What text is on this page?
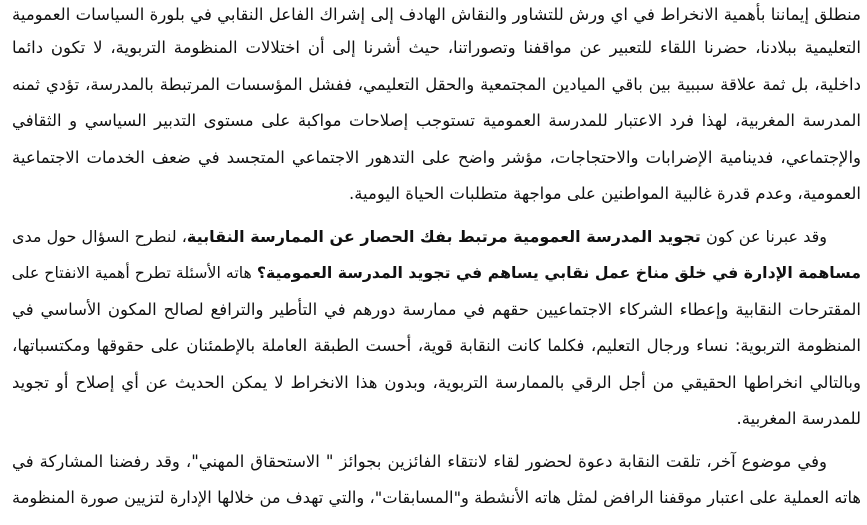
منطلق إيماننا بأهمية الانخراط في اي ورش للتشاور والنقاش الهادف إلى إشراك الفاعل النقابي في بلورة السياسات العمومية
التعليمية ببلادنا، حضرنا اللقاء للتعبير عن مواقفنا وتصوراتنا، حيث أشرنا إلى أن اختلالات المنظومة التربوية، لا تكون دائما
داخلية، بل ثمة علاقة سببية بين باقي الميادين المجتمعية والحقل التعليمي، ففشل المؤسسات المرتبطة بالمدرسة، تؤدي ثمنه
المدرسة المغربية، لهذا فرد الاعتبار للمدرسة العمومية تستوجب إصلاحات مواكبة على مستوى التدبير السياسي و الثقافي
والإجتماعي، فدينامية الإضرابات والاحتجاجات، مؤشر واضح على التدهور الاجتماعي المتجسد في ضعف الخدمات الاجتماعية
العمومية، وعدم قدرة غالبية المواطنين على مواجهة متطلبات الحياة اليومية.
وقد عبرنا عن كون تجويد المدرسة العمومية مرتبط بفك الحصار عن الممارسة النقابية، لنطرح السؤال حول مدى
مساهمة الإدارة في خلق مناخ عمل نقابي يساهم في تجويد المدرسة العمومية؟ هاته الأسئلة تطرح أهمية الانفتاح على
المقترحات النقابية وإعطاء الشركاء الاجتماعيين حقهم في ممارسة دورهم في التأطير والترافع لصالح المكون الأساسي في
المنظومة التربوية: نساء ورجال التعليم، فكلما كانت النقابة قوية، أحست الطبقة العاملة بالإطمئنان على حقوقها ومكتسباتها،
وبالتالي انخراطها الحقيقي من أجل الرقي بالممارسة التربوية، وبدون هذا الانخراط لا يمكن الحديث عن أي إصلاح أو تجويد
للمدرسة المغربية.
وفي موضوع آخر، تلقت النقابة دعوة لحضور لقاء لانتقاء الفائزين بجوائز " الاستحقاق المهني"، وقد رفضنا المشاركة في
هاته العملية على اعتبار موقفنا الرافض لمثل هاته الأنشطة و"المسابقات"، والتي تهدف من خلالها الإدارة لتزيين صورة المنظومة
